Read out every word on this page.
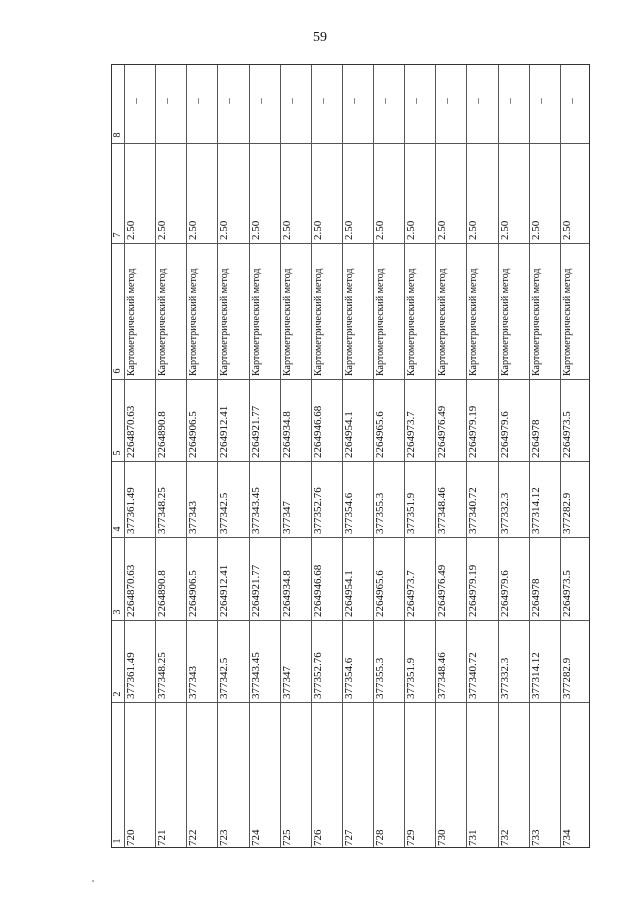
59
1
2
3
4
5
6
7
8
720
377361.49
2264870.63
377361.49
2264870.63
Картометрический метод
2.50
–
721
377348.25
2264890.8
377348.25
2264890.8
Картометрический метод
2.50
–
722
377343
2264906.5
377343
2264906.5
Картометрический метод
2.50
–
723
377342.5
2264912.41
377342.5
2264912.41
Картометрический метод
2.50
–
724
377343.45
2264921.77
377343.45
2264921.77
Картометрический метод
2.50
–
725
377347
2264934.8
377347
2264934.8
Картометрический метод
2.50
–
726
377352.76
2264946.68
377352.76
2264946.68
Картометрический метод
2.50
–
727
377354.6
2264954.1
377354.6
2264954.1
Картометрический метод
2.50
–
728
377355.3
2264965.6
377355.3
2264965.6
Картометрический метод
2.50
–
729
377351.9
2264973.7
377351.9
2264973.7
Картометрический метод
2.50
–
730
377348.46
2264976.49
377348.46
2264976.49
Картометрический метод
2.50
–
731
377340.72
2264979.19
377340.72
2264979.19
Картометрический метод
2.50
–
732
377332.3
2264979.6
377332.3
2264979.6
Картометрический метод
2.50
–
733
377314.12
2264978
377314.12
2264978
Картометрический метод
2.50
–
734
377282.9
2264973.5
377282.9
2264973.5
Картометрический метод
2.50
–
